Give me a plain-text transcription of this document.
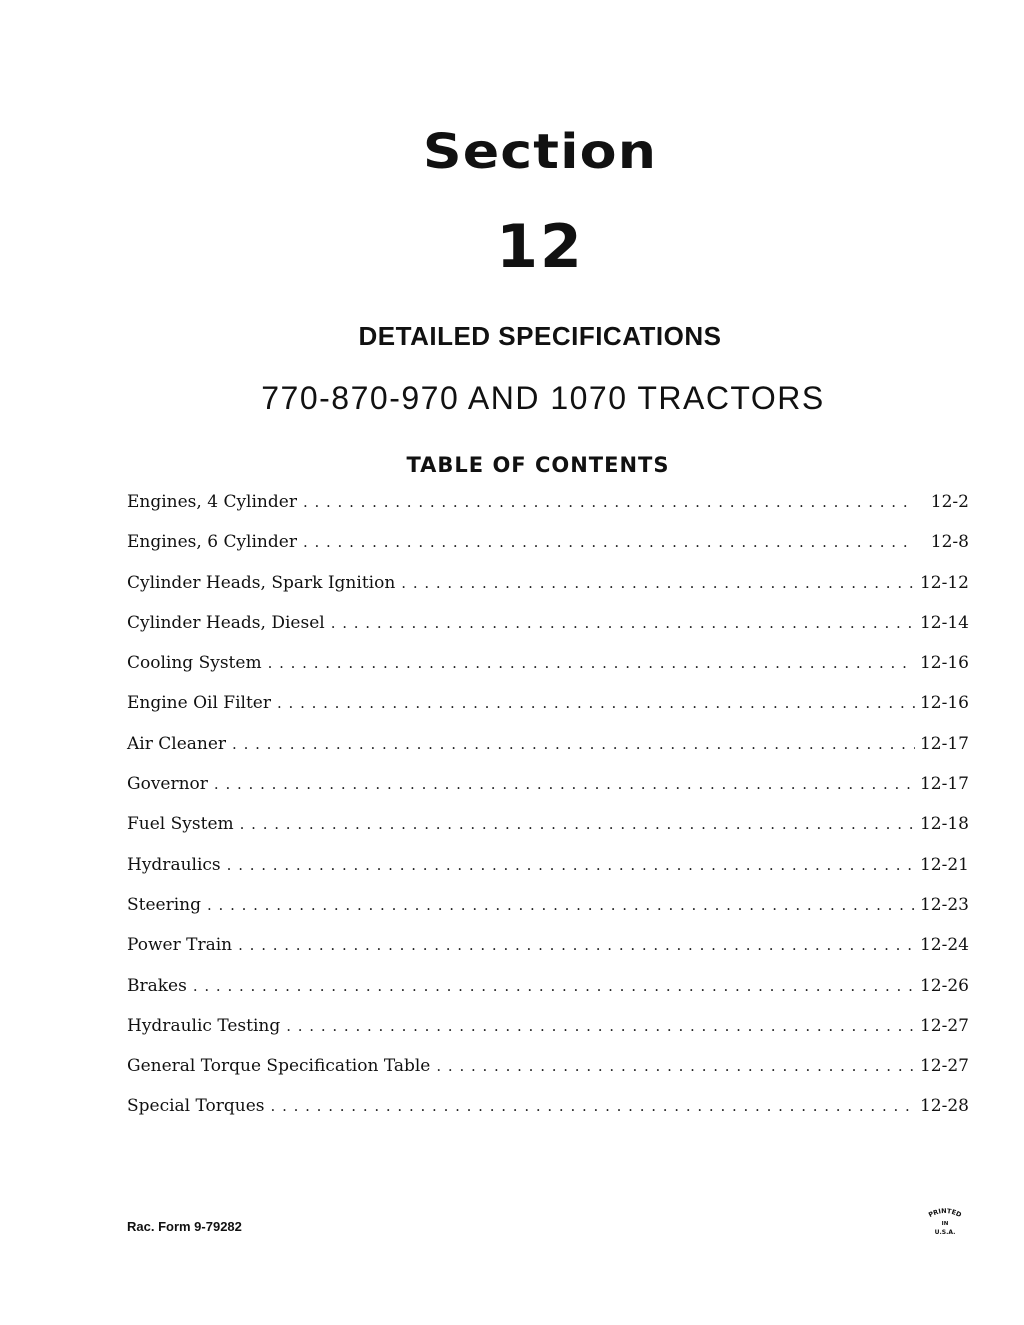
Section
12
DETAILED SPECIFICATIONS
770-870-970 AND 1070 TRACTORS
TABLE OF CONTENTS
Engines, 4 Cylinder . . .	12-2
Engines, 6 Cylinder . . .	12-8
Cylinder Heads, Spark Ignition . . .	12-12
Cylinder Heads, Diesel . . .	12-14
Cooling System . . .	12-16
Engine Oil Filter . . .	12-16
Air Cleaner . . .	12-17
Governor . . .	12-17
Fuel System . . .	12-18
Hydraulics . . .	12-21
Steering . . .	12-23
Power Train . . .	12-24
Brakes . . .	12-26
Hydraulic Testing . . .	12-27
General Torque Specification Table . . .	12-27
Special Torques . . .	12-28
Rac. Form 9-79282
PRINTED
IN
U.S.A.
